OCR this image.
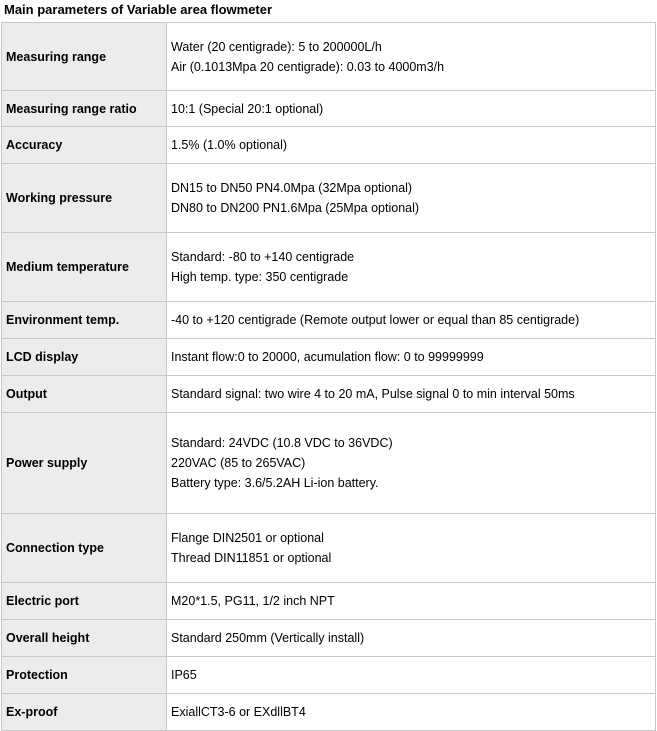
Main parameters of Variable area flowmeter
Measuring range	Water (20 centigrade): 5 to 200000L/h
Air (0.1013Mpa 20 centigrade): 0.03 to 4000m3/h

Measuring range ratio	10:1 (Special 20:1 optional)

Accuracy	1.5% (1.0% optional)

Working pressure	DN15 to DN50 PN4.0Mpa (32Mpa optional)
DN80 to DN200 PN1.6Mpa (25Mpa optional)

Medium temperature	Standard: -80 to +140 centigrade
High temp. type: 350 centigrade

Environment temp.	-40 to +120 centigrade (Remote output lower or equal than 85 centigrade)

LCD display	Instant flow:0 to 20000, acumulation flow: 0 to 99999999

Output	Standard signal: two wire 4 to 20 mA, Pulse signal 0 to min interval 50ms

Power supply	Standard: 24VDC (10.8 VDC to 36VDC)
220VAC (85 to 265VAC)
Battery type: 3.6/5.2AH Li-ion battery.

Connection type	Flange DIN2501 or optional
Thread DIN11851 or optional

Electric port	M20*1.5, PG11, 1/2 inch NPT

Overall height	Standard 250mm (Vertically install)

Protection	IP65

Ex-proof	ExiallCT3-6 or EXdllBT4
